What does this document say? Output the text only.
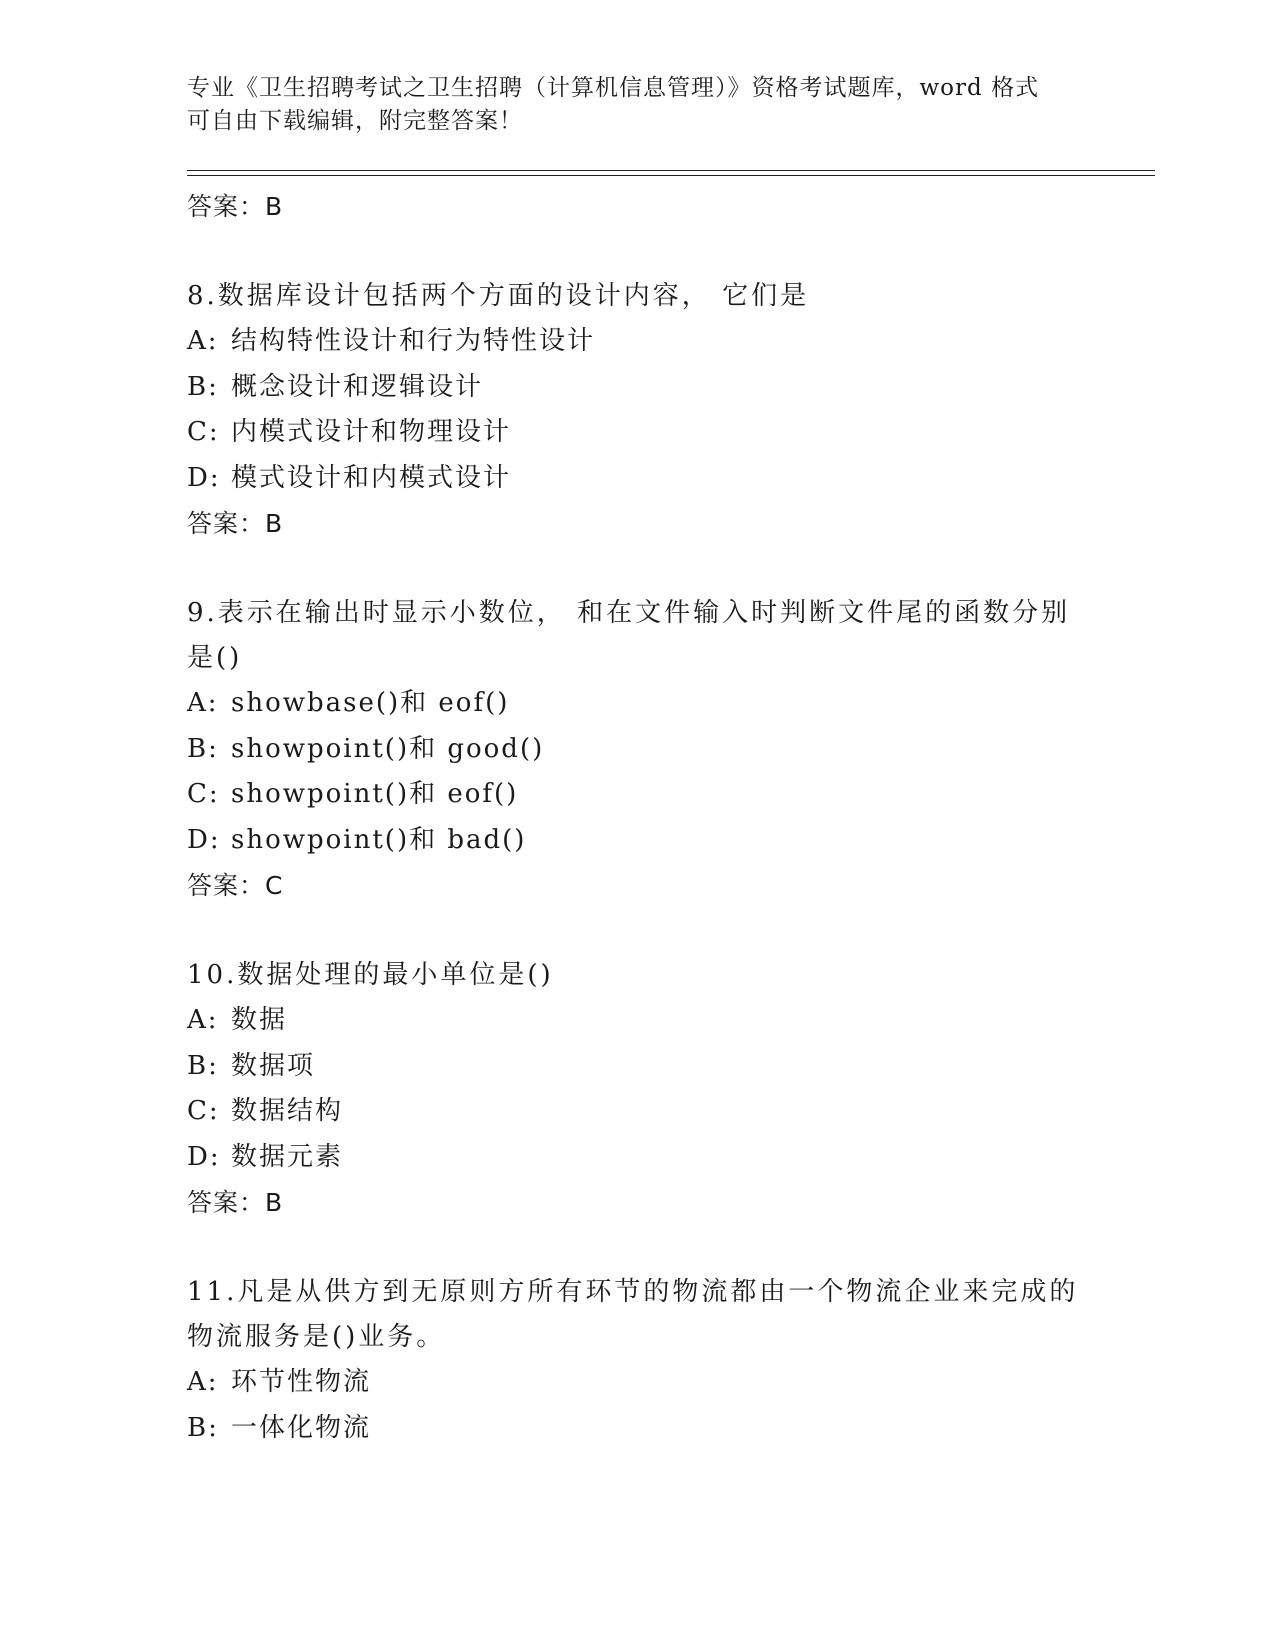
专业《卫生招聘考试之卫生招聘（计算机信息管理）》资格考试题库，word 格式
可自由下载编辑，附完整答案！
答案：B
8.数据库设计包括两个方面的设计内容， 它们是
A: 结构特性设计和行为特性设计
B: 概念设计和逻辑设计
C: 内模式设计和物理设计
D: 模式设计和内模式设计
答案：B
9.表示在输出时显示小数位， 和在文件输入时判断文件尾的函数分别
是()
A: showbase()和 eof()
B: showpoint()和 good()
C: showpoint()和 eof()
D: showpoint()和 bad()
答案：C
10.数据处理的最小单位是()
A: 数据
B: 数据项
C: 数据结构
D: 数据元素
答案：B
11.凡是从供方到无原则方所有环节的物流都由一个物流企业来完成的
物流服务是()业务。
A: 环节性物流
B: 一体化物流
